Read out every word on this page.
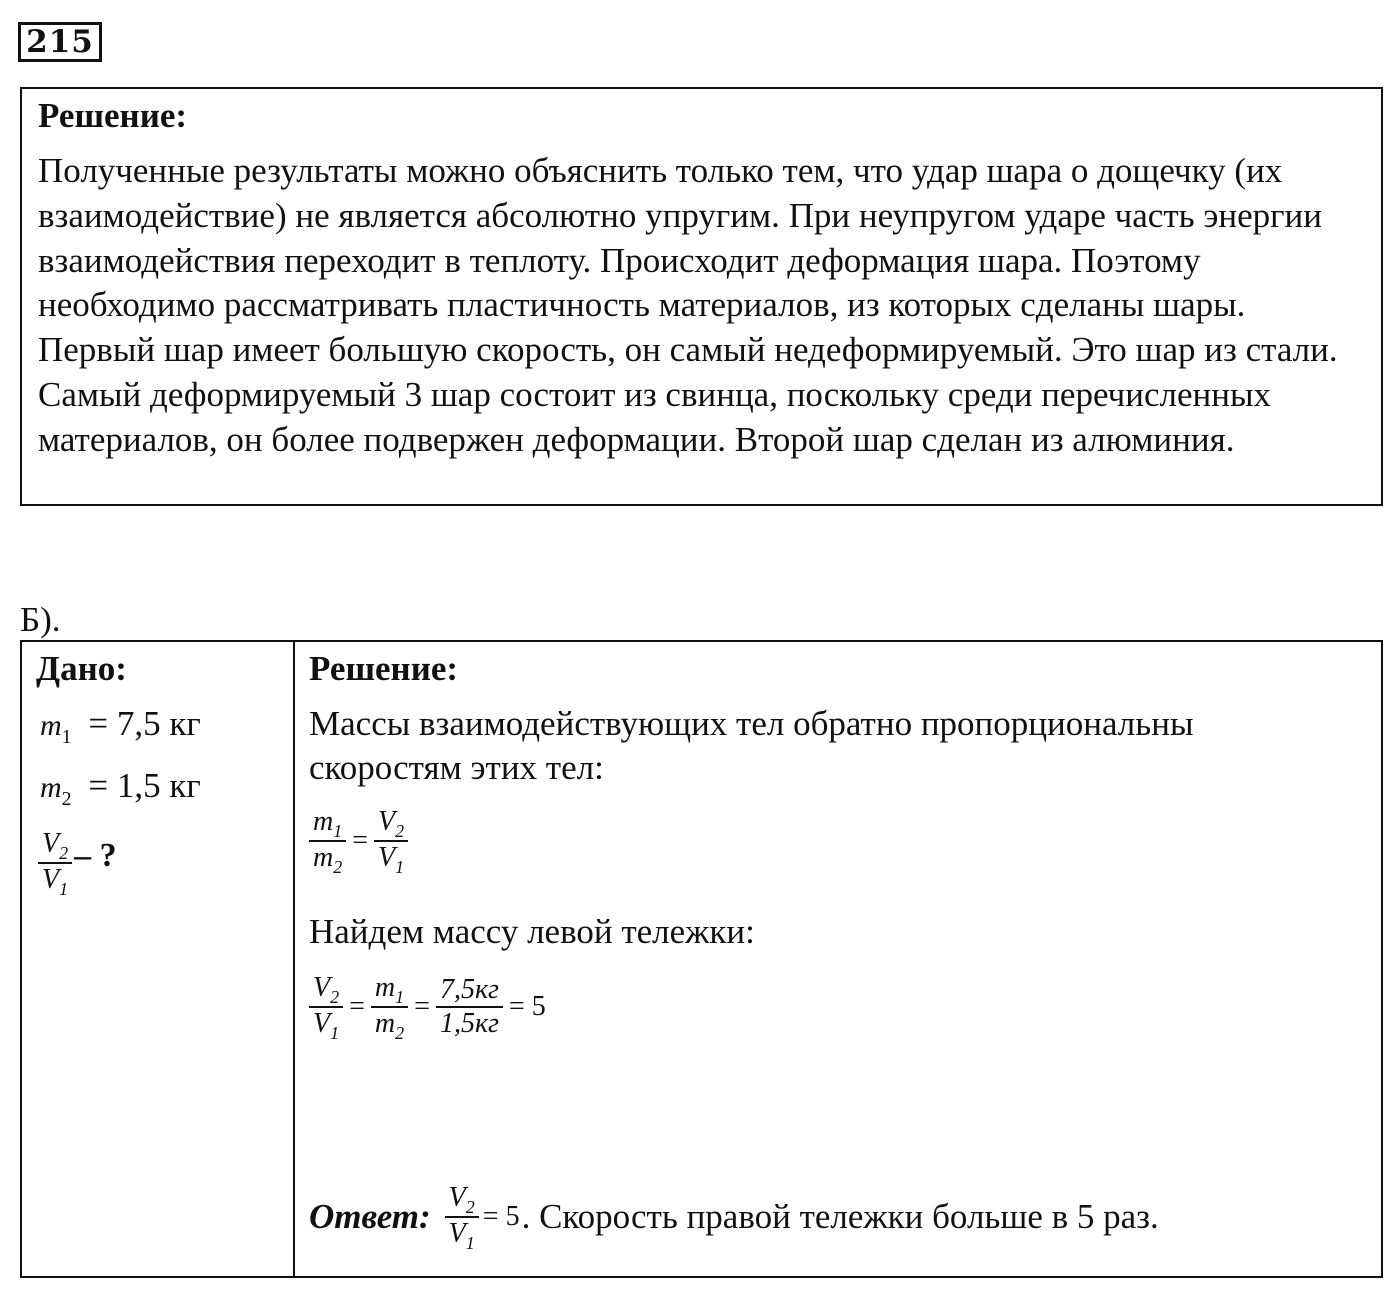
215
Решение:
Полученные результаты можно объяснить только тем, что удар шара о дощечку (их взаимодействие) не является абсолютно упругим. При неупругом ударе часть энергии взаимодействия переходит в теплоту. Происходит деформация шара. Поэтому необходимо рассматривать пластичность материалов, из которых сделаны шары. Первый шар имеет большую скорость, он самый недеформируемый. Это шар из стали. Самый деформируемый 3 шар состоит из свинца, поскольку среди перечисленных материалов, он более подвержен деформации. Второй шар сделан из алюминия.
Б).
Дано:
$m_1 = 7,5$ кг
$m_2 = 1,5$ кг
$\frac{V_2}{V_1}$ – ?
Решение:
Массы взаимодействующих тел обратно пропорциональны скоростям этих тел:
$\frac{m_1}{m_2} = \frac{V_2}{V_1}$
Найдем массу левой тележки:
$\frac{V_2}{V_1} = \frac{m_1}{m_2} = \frac{7,5кг}{1,5кг} = 5$
Ответ: $\frac{V_2}{V_1} = 5$ . Скорость правой тележки больше в 5 раз.
